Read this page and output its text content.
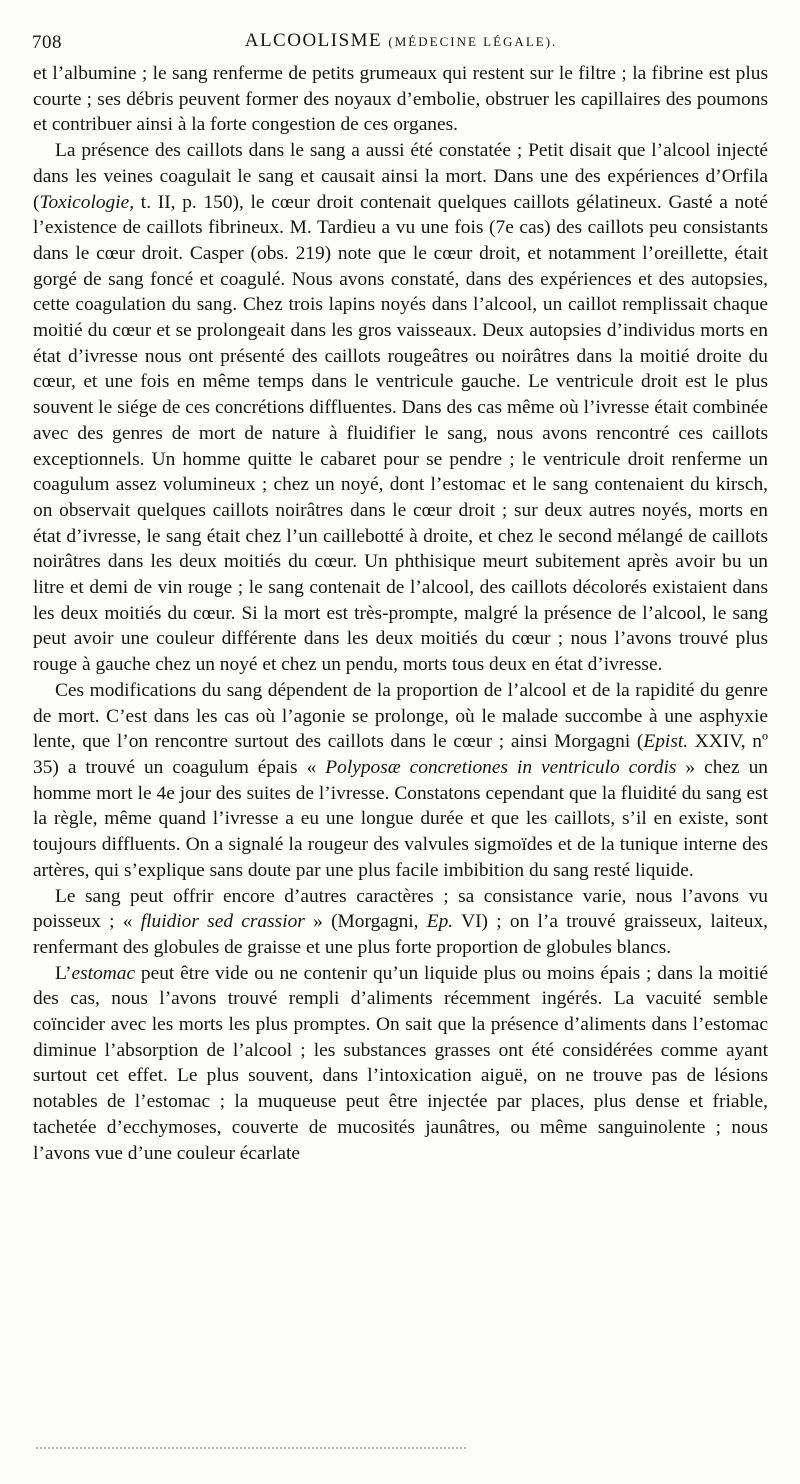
708	ALCOOLISME (MÉDECINE LÉGALE).

et l’albumine ; le sang renferme de petits grumeaux qui restent sur le filtre ; la fibrine est plus courte ; ses débris peuvent former des noyaux d’embolie, obstruer les capillaires des poumons et contribuer ainsi à la forte congestion de ces organes.

La présence des caillots dans le sang a aussi été constatée ; Petit disait que l’alcool injecté dans les veines coagulait le sang et causait ainsi la mort. Dans une des expériences d’Orfila (Toxicologie, t. II, p. 150), le cœur droit contenait quelques caillots gélatineux. Gasté a noté l’existence de caillots fibrineux. M. Tardieu a vu une fois (7e cas) des caillots peu consistants dans le cœur droit. Casper (obs. 219) note que le cœur droit, et notamment l’oreillette, était gorgé de sang foncé et coagulé. Nous avons constaté, dans des expériences et des autopsies, cette coagulation du sang. Chez trois lapins noyés dans l’alcool, un caillot remplissait chaque moitié du cœur et se prolongeait dans les gros vaisseaux. Deux autopsies d’individus morts en état d’ivresse nous ont présenté des caillots rougeâtres ou noirâtres dans la moitié droite du cœur, et une fois en même temps dans le ventricule gauche. Le ventricule droit est le plus souvent le siége de ces concrétions diffluentes. Dans des cas même où l’ivresse était combinée avec des genres de mort de nature à fluidifier le sang, nous avons rencontré ces caillots exceptionnels. Un homme quitte le cabaret pour se pendre ; le ventricule droit renferme un coagulum assez volumineux ; chez un noyé, dont l’estomac et le sang contenaient du kirsch, on observait quelques caillots noirâtres dans le cœur droit ; sur deux autres noyés, morts en état d’ivresse, le sang était chez l’un caillebotté à droite, et chez le second mélangé de caillots noirâtres dans les deux moitiés du cœur. Un phthisique meurt subitement après avoir bu un litre et demi de vin rouge ; le sang contenait de l’alcool, des caillots décolorés existaient dans les deux moitiés du cœur. Si la mort est très-prompte, malgré la présence de l’alcool, le sang peut avoir une couleur différente dans les deux moitiés du cœur ; nous l’avons trouvé plus rouge à gauche chez un noyé et chez un pendu, morts tous deux en état d’ivresse.

Ces modifications du sang dépendent de la proportion de l’alcool et de la rapidité du genre de mort. C’est dans les cas où l’agonie se prolonge, où le malade succombe à une asphyxie lente, que l’on rencontre surtout des caillots dans le cœur ; ainsi Morgagni (Epist. XXIV, nº 35) a trouvé un coagulum épais « Polyposæ concretiones in ventriculo cordis » chez un homme mort le 4e jour des suites de l’ivresse. Constatons cependant que la fluidité du sang est la règle, même quand l’ivresse a eu une longue durée et que les caillots, s’il en existe, sont toujours diffluents. On a signalé la rougeur des valvules sigmoïdes et de la tunique interne des artères, qui s’explique sans doute par une plus facile imbibition du sang resté liquide.

Le sang peut offrir encore d’autres caractères ; sa consistance varie, nous l’avons vu poisseux ; « fluidior sed crassior » (Morgagni, Ep. VI) ; on l’a trouvé graisseux, laiteux, renfermant des globules de graisse et une plus forte proportion de globules blancs.

L’estomac peut être vide ou ne contenir qu’un liquide plus ou moins épais ; dans la moitié des cas, nous l’avons trouvé rempli d’aliments récemment ingérés. La vacuité semble coïncider avec les morts les plus promptes. On sait que la présence d’aliments dans l’estomac diminue l’absorption de l’alcool ; les substances grasses ont été considérées comme ayant surtout cet effet. Le plus souvent, dans l’intoxication aiguë, on ne trouve pas de lésions notables de l’estomac ; la muqueuse peut être injectée par places, plus dense et friable, tachetée d’ecchymoses, couverte de mucosités jaunâtres, ou même sanguinolente ; nous l’avons vue d’une couleur écarlate
